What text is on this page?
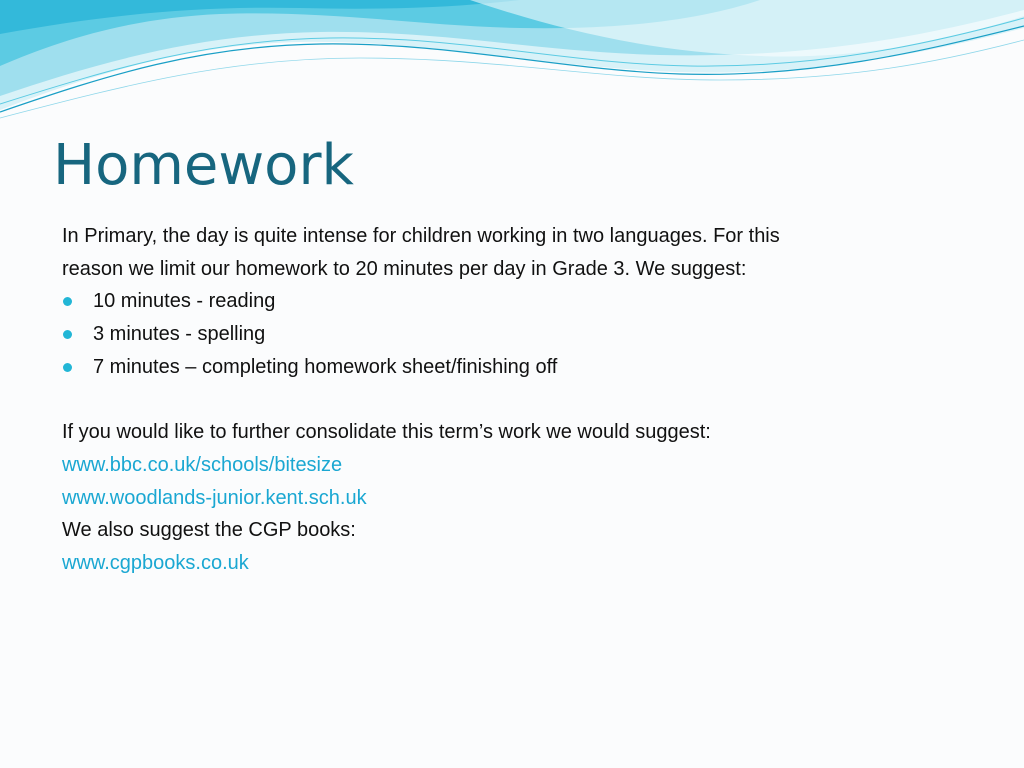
Homework
In Primary, the day is quite intense for children working in two languages. For this
reason we limit our homework to 20 minutes per day in Grade 3. We suggest:
10 minutes - reading
3 minutes - spelling
7 minutes – completing homework sheet/finishing off
If you would like to further consolidate this term’s work we would suggest:
www.bbc.co.uk/schools/bitesize
www.woodlands-junior.kent.sch.uk
We also suggest the CGP books:
www.cgpbooks.co.uk
